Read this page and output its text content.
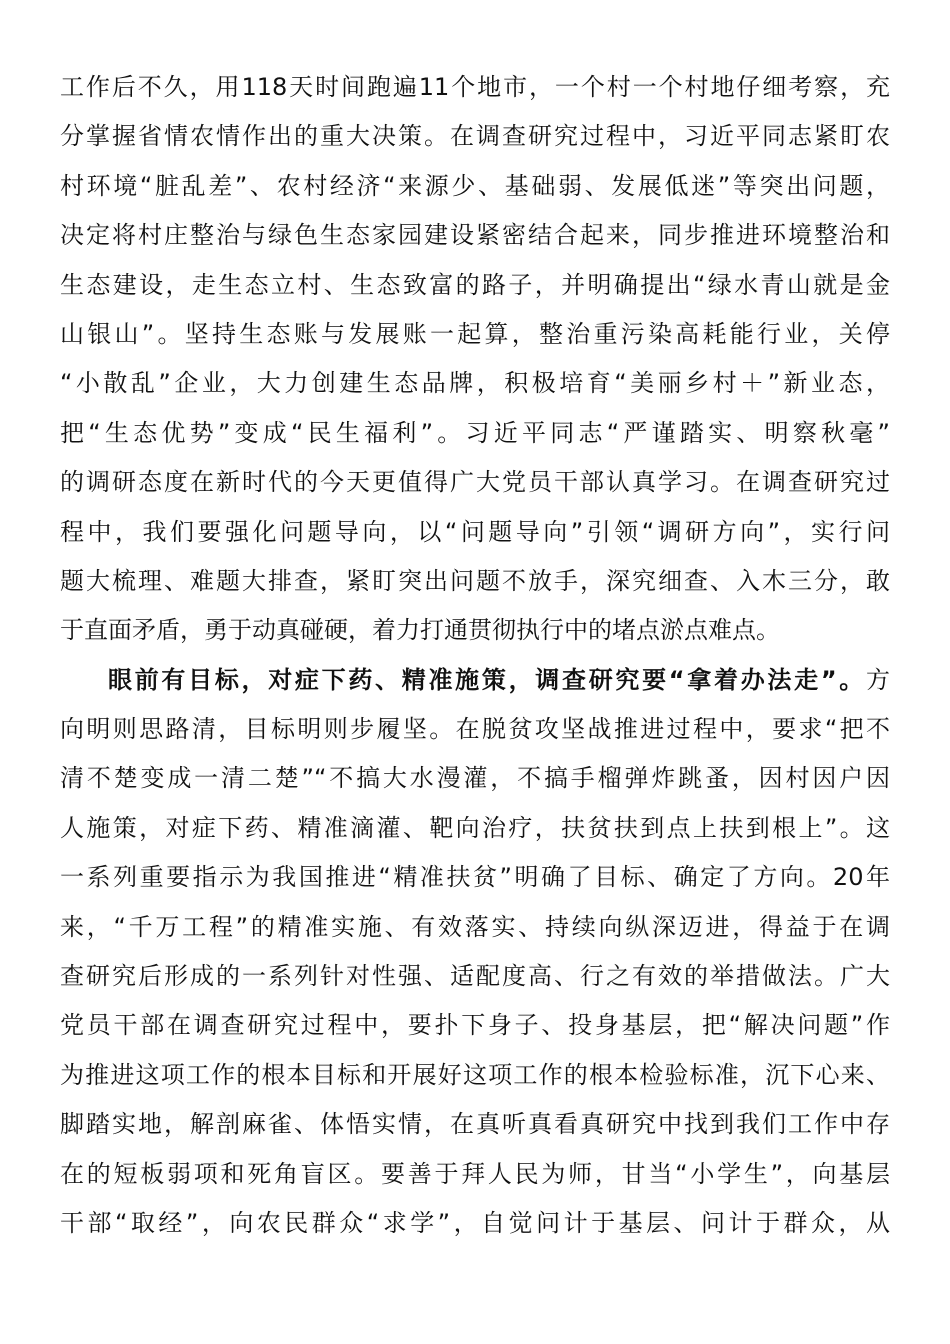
工作后不久，用118天时间跑遍11个地市，一个村一个村地仔细考察，充
分掌握省情农情作出的重大决策。在调查研究过程中，习近平同志紧盯农
村环境“脏乱差”、农村经济“来源少、基础弱、发展低迷”等突出问题，
决定将村庄整治与绿色生态家园建设紧密结合起来，同步推进环境整治和
生态建设，走生态立村、生态致富的路子，并明确提出“绿水青山就是金
山银山”。坚持生态账与发展账一起算，整治重污染高耗能行业，关停
“小散乱”企业，大力创建生态品牌，积极培育“美丽乡村＋”新业态，
把“生态优势”变成“民生福利”。习近平同志“严谨踏实、明察秋毫”
的调研态度在新时代的今天更值得广大党员干部认真学习。在调查研究过
程中，我们要强化问题导向，以“问题导向”引领“调研方向”，实行问
题大梳理、难题大排查，紧盯突出问题不放手，深究细查、入木三分，敢
于直面矛盾，勇于动真碰硬，着力打通贯彻执行中的堵点淤点难点。
眼前有目标，对症下药、精准施策，调查研究要“拿着办法走”。方
向明则思路清，目标明则步履坚。在脱贫攻坚战推进过程中，要求“把不
清不楚变成一清二楚”“不搞大水漫灌，不搞手榴弹炸跳蚤，因村因户因
人施策，对症下药、精准滴灌、靶向治疗，扶贫扶到点上扶到根上”。这
一系列重要指示为我国推进“精准扶贫”明确了目标、确定了方向。20年
来，“千万工程”的精准实施、有效落实、持续向纵深迈进，得益于在调
查研究后形成的一系列针对性强、适配度高、行之有效的举措做法。广大
党员干部在调查研究过程中，要扑下身子、投身基层，把“解决问题”作
为推进这项工作的根本目标和开展好这项工作的根本检验标准，沉下心来、
脚踏实地，解剖麻雀、体悟实情，在真听真看真研究中找到我们工作中存
在的短板弱项和死角盲区。要善于拜人民为师，甘当“小学生”，向基层
干部“取经”，向农民群众“求学”，自觉问计于基层、问计于群众，从
